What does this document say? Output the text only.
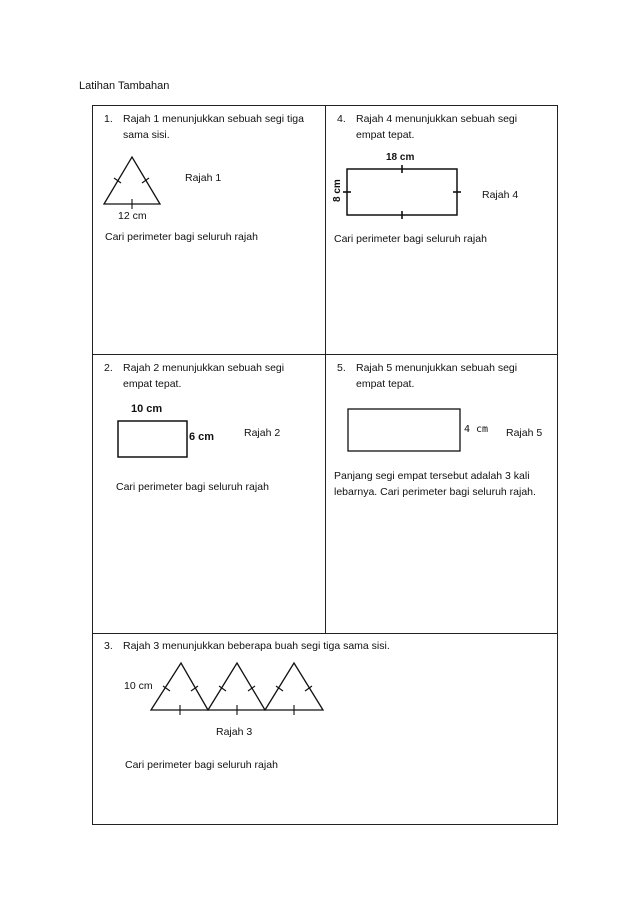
Latihan Tambahan
1. Rajah 1 menunjukkan sebuah segi tiga
sama sisi.
Rajah 1
12 cm
Cari perimeter bagi seluruh rajah
4. Rajah 4 menunjukkan sebuah segi
empat tepat.
18 cm
8 cm	Rajah 4
Cari perimeter bagi seluruh rajah
2. Rajah 2 menunjukkan sebuah segi
empat tepat.
10 cm
6 cm	Rajah 2
Cari perimeter bagi seluruh rajah
5. Rajah 5 menunjukkan sebuah segi
empat tepat.
4 cm Rajah 5
Panjang segi empat tersebut adalah 3 kali
lebarnya. Cari perimeter bagi seluruh rajah.
3. Rajah 3 menunjukkan beberapa buah segi tiga sama sisi.
10 cm
Rajah 3
Cari perimeter bagi seluruh rajah
